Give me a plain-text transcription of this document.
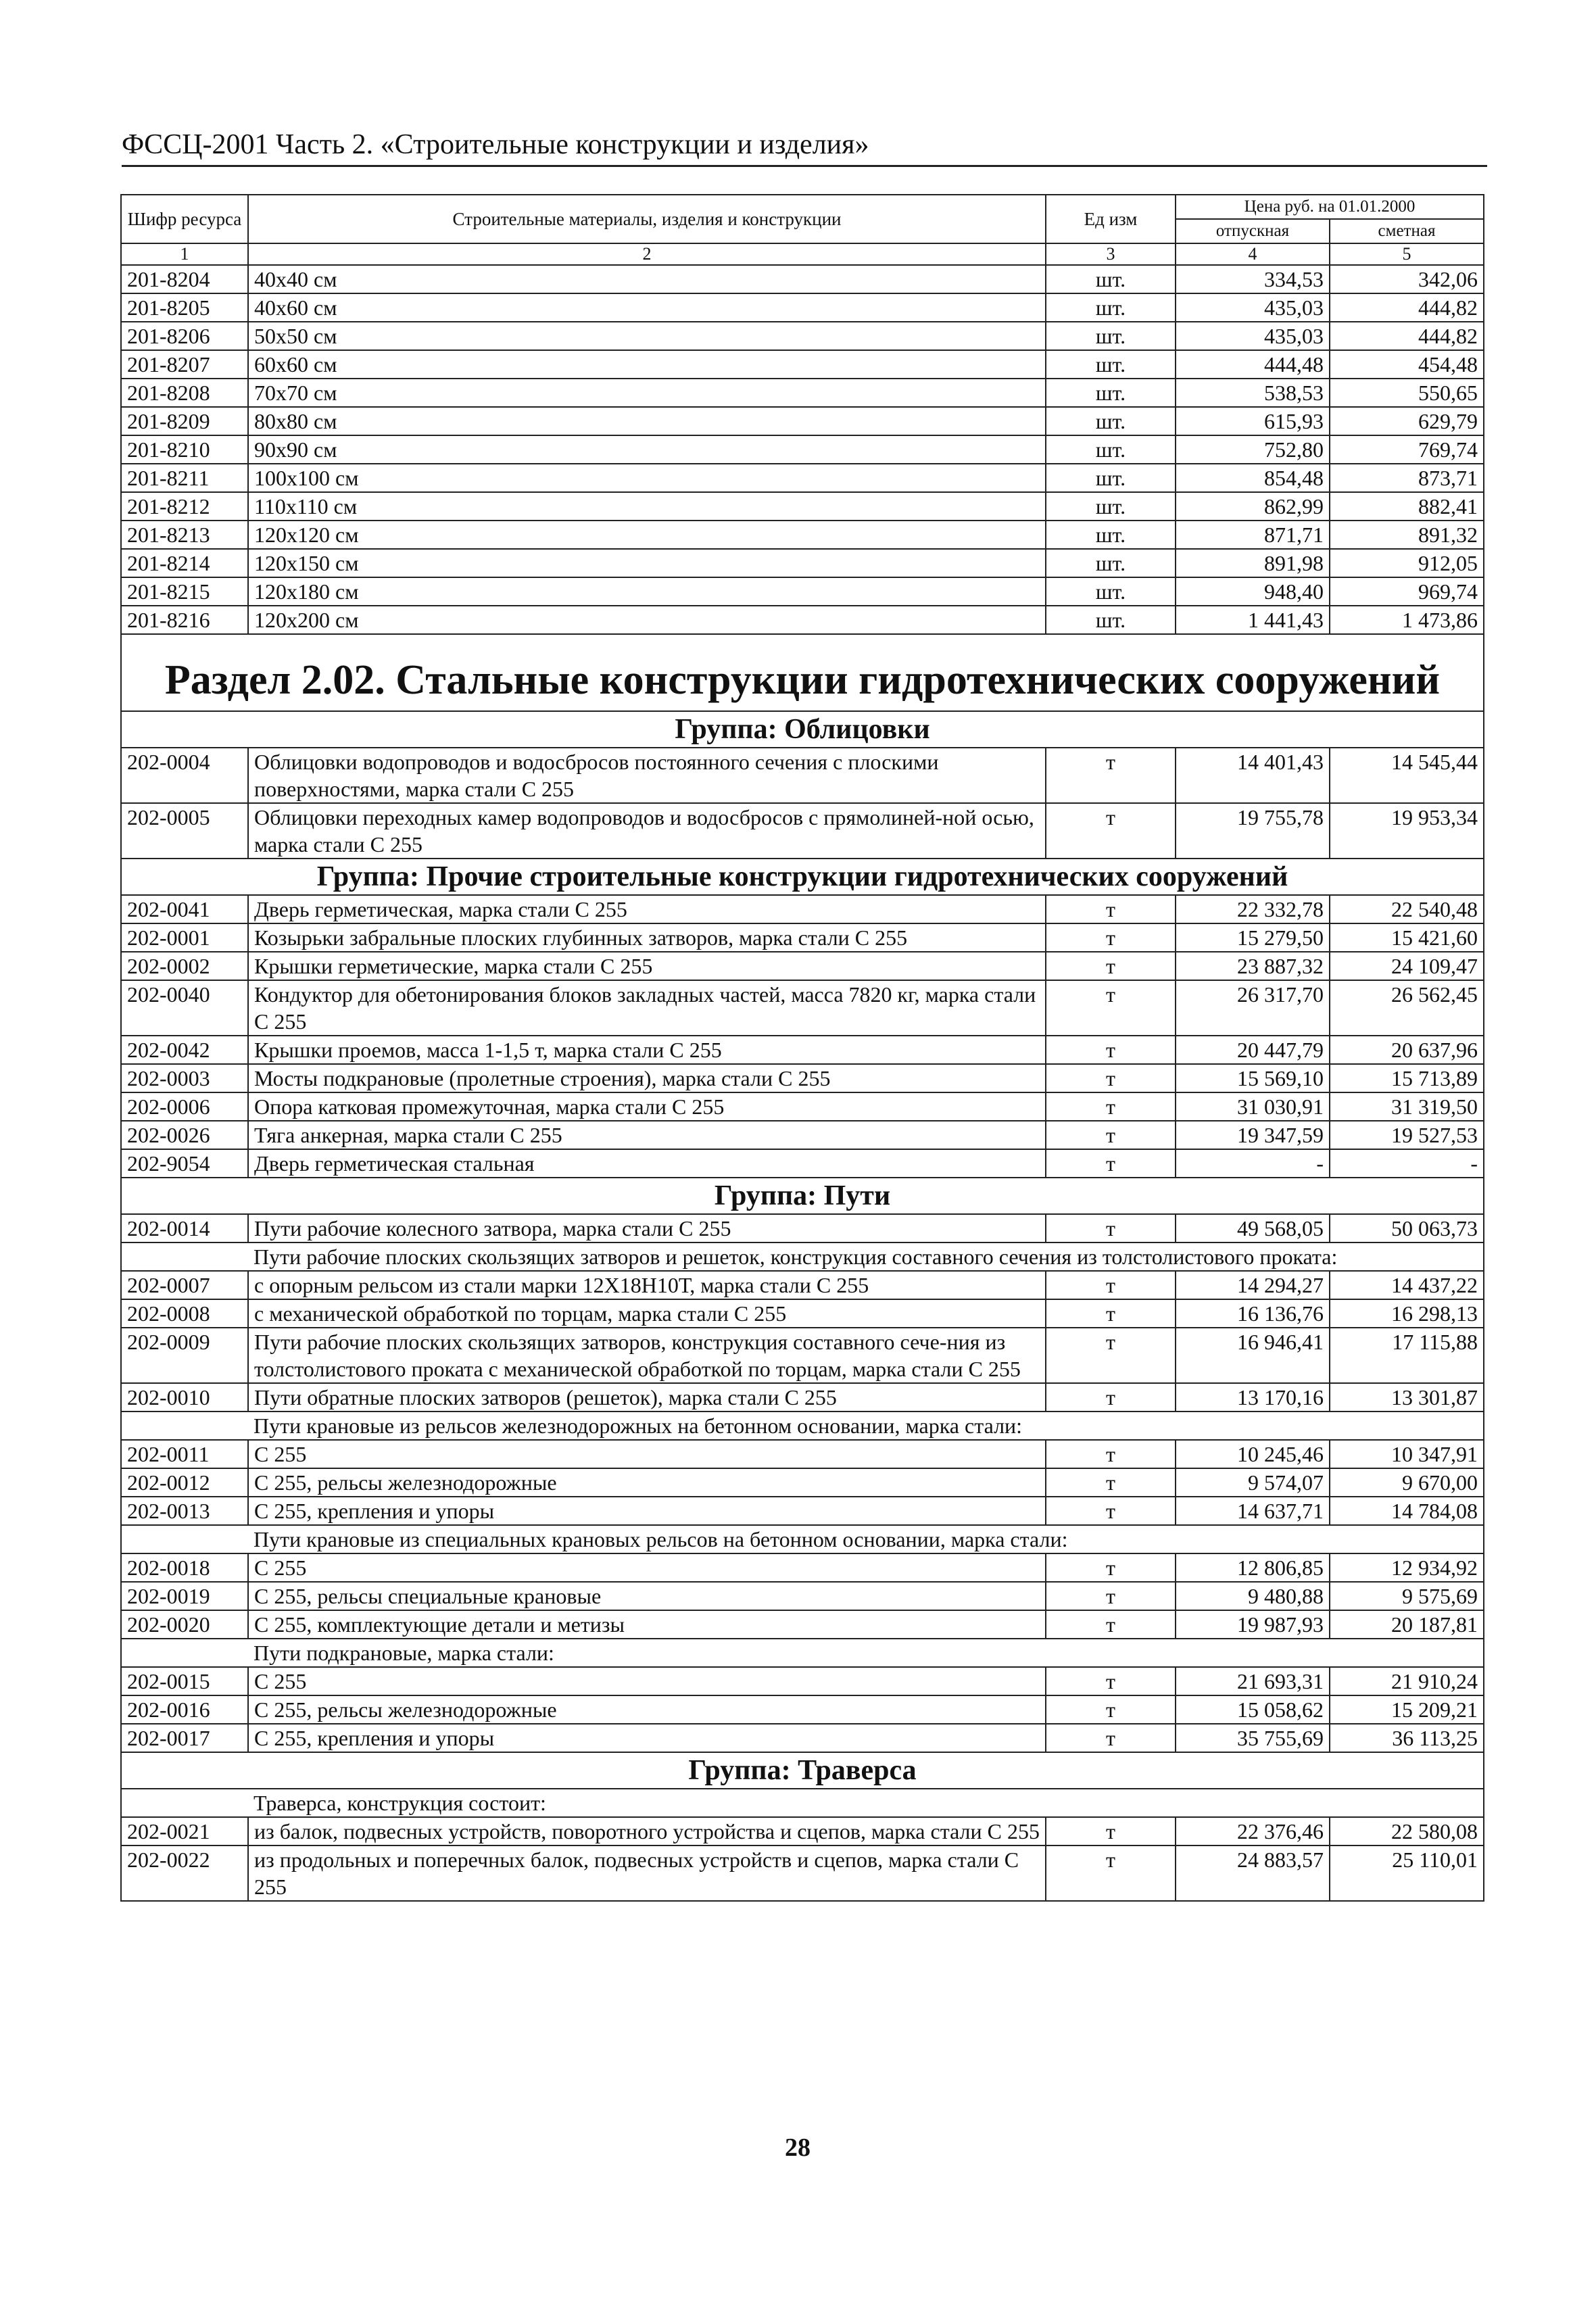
ФССЦ-2001 Часть 2. «Строительные конструкции и изделия»
Шифр ресурса	Строительные материалы, изделия и конструкции	Ед изм	Цена руб. на 01.01.2000	
			отпускная	сметная
1	2	3	4	5
201-8204	40х40 см	шт.	334,53	342,06
201-8205	40х60 см	шт.	435,03	444,82
201-8206	50х50 см	шт.	435,03	444,82
201-8207	60х60 см	шт.	444,48	454,48
201-8208	70х70 см	шт.	538,53	550,65
201-8209	80х80 см	шт.	615,93	629,79
201-8210	90х90 см	шт.	752,80	769,74
201-8211	100х100 см	шт.	854,48	873,71
201-8212	110х110 см	шт.	862,99	882,41
201-8213	120х120 см	шт.	871,71	891,32
201-8214	120х150 см	шт.	891,98	912,05
201-8215	120х180 см	шт.	948,40	969,74
201-8216	120х200 см	шт.	1 441,43	1 473,86
Раздел 2.02. Стальные конструкции гидротехнических сооружений				
Группа: Облицовки				
202-0004	Облицовки водопроводов и водосбросов постоянного сечения с плоскими поверхностями, марка стали С 255	т	14 401,43	14 545,44
202-0005	Облицовки переходных камер водопроводов и водосбросов с прямолиней-ной осью, марка стали С 255	т	19 755,78	19 953,34
Группа: Прочие строительные конструкции гидротехнических сооружений				
202-0041	Дверь герметическая, марка стали С 255	т	22 332,78	22 540,48
202-0001	Козырьки забральные плоских глубинных затворов, марка стали С 255	т	15 279,50	15 421,60
202-0002	Крышки герметические, марка стали С 255	т	23 887,32	24 109,47
202-0040	Кондуктор для обетонирования блоков закладных частей, масса 7820 кг, марка стали С 255	т	26 317,70	26 562,45
202-0042	Крышки проемов, масса 1-1,5 т, марка стали С 255	т	20 447,79	20 637,96
202-0003	Мосты подкрановые (пролетные строения), марка стали С 255	т	15 569,10	15 713,89
202-0006	Опора катковая промежуточная, марка стали С 255	т	31 030,91	31 319,50
202-0026	Тяга анкерная, марка стали С 255	т	19 347,59	19 527,53
202-9054	Дверь герметическая стальная	т	-	-
Группа: Пути				
202-0014	Пути рабочие колесного затвора, марка стали С 255	т	49 568,05	50 063,73
	Пути рабочие плоских скользящих затворов и решеток, конструкция составного сечения из толстолистового проката:			
202-0007	с опорным рельсом из стали марки 12Х18Н10Т, марка стали С 255	т	14 294,27	14 437,22
202-0008	с механической обработкой по торцам, марка стали С 255	т	16 136,76	16 298,13
202-0009	Пути рабочие плоских скользящих затворов, конструкция составного сече-ния из толстолистового проката с механической обработкой по торцам, марка стали С 255	т	16 946,41	17 115,88
202-0010	Пути обратные плоских затворов (решеток), марка стали С 255	т	13 170,16	13 301,87
	Пути крановые из рельсов железнодорожных на бетонном основании, марка стали:			
202-0011	С 255	т	10 245,46	10 347,91
202-0012	С 255, рельсы железнодорожные	т	9 574,07	9 670,00
202-0013	С 255, крепления и упоры	т	14 637,71	14 784,08
	Пути крановые из специальных крановых рельсов на бетонном основании, марка стали:			
202-0018	С 255	т	12 806,85	12 934,92
202-0019	С 255, рельсы специальные крановые	т	9 480,88	9 575,69
202-0020	С 255, комплектующие детали и метизы	т	19 987,93	20 187,81
	Пути подкрановые, марка стали:			
202-0015	С 255	т	21 693,31	21 910,24
202-0016	С 255, рельсы железнодорожные	т	15 058,62	15 209,21
202-0017	С 255, крепления и упоры	т	35 755,69	36 113,25
Группа: Траверса				
	Траверса, конструкция состоит:			
202-0021	из балок, подвесных устройств, поворотного устройства и сцепов, марка стали С 255	т	22 376,46	22 580,08
202-0022	из продольных и поперечных балок, подвесных устройств и сцепов, марка стали С 255	т	24 883,57	25 110,01
28
